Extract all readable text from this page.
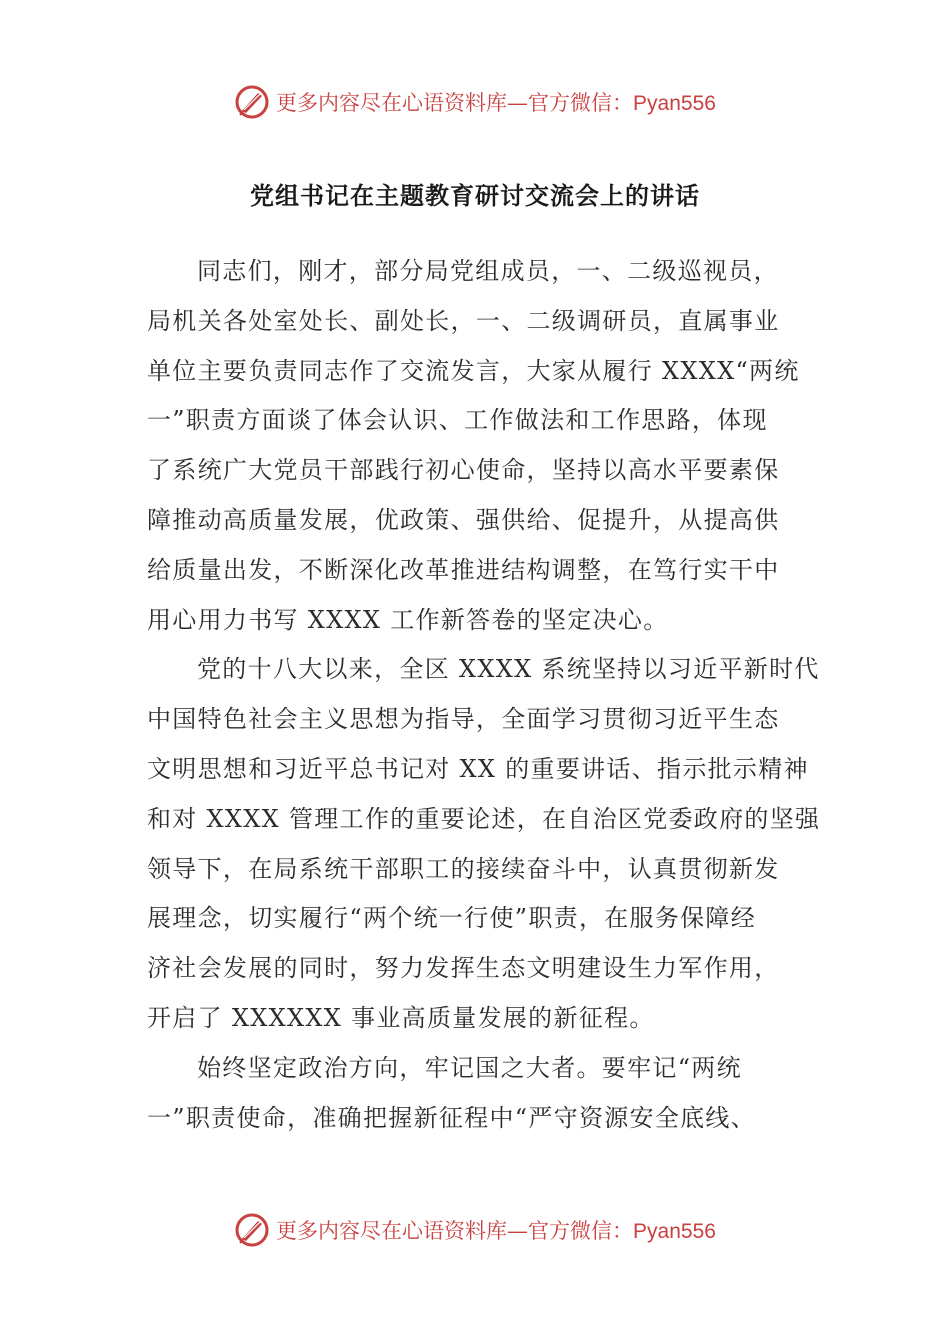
更多内容尽在心语资料库—官方微信：Pyan556
党组书记在主题教育研讨交流会上的讲话
同志们，刚才，部分局党组成员，一、二级巡视员，
局机关各处室处长、副处长，一、二级调研员，直属事业
单位主要负责同志作了交流发言，大家从履行 XXXX“两统
一”职责方面谈了体会认识、工作做法和工作思路，体现
了系统广大党员干部践行初心使命，坚持以高水平要素保
障推动高质量发展，优政策、强供给、促提升，从提高供
给质量出发，不断深化改革推进结构调整，在笃行实干中
用心用力书写 XXXX 工作新答卷的坚定决心。
党的十八大以来，全区 XXXX 系统坚持以习近平新时代
中国特色社会主义思想为指导，全面学习贯彻习近平生态
文明思想和习近平总书记对 XX 的重要讲话、指示批示精神
和对 XXXX 管理工作的重要论述，在自治区党委政府的坚强
领导下，在局系统干部职工的接续奋斗中，认真贯彻新发
展理念，切实履行“两个统一行使”职责，在服务保障经
济社会发展的同时，努力发挥生态文明建设生力军作用，
开启了 XXXXXX 事业高质量发展的新征程。
始终坚定政治方向，牢记国之大者。要牢记“两统
一”职责使命，准确把握新征程中“严守资源安全底线、
更多内容尽在心语资料库—官方微信：Pyan556
